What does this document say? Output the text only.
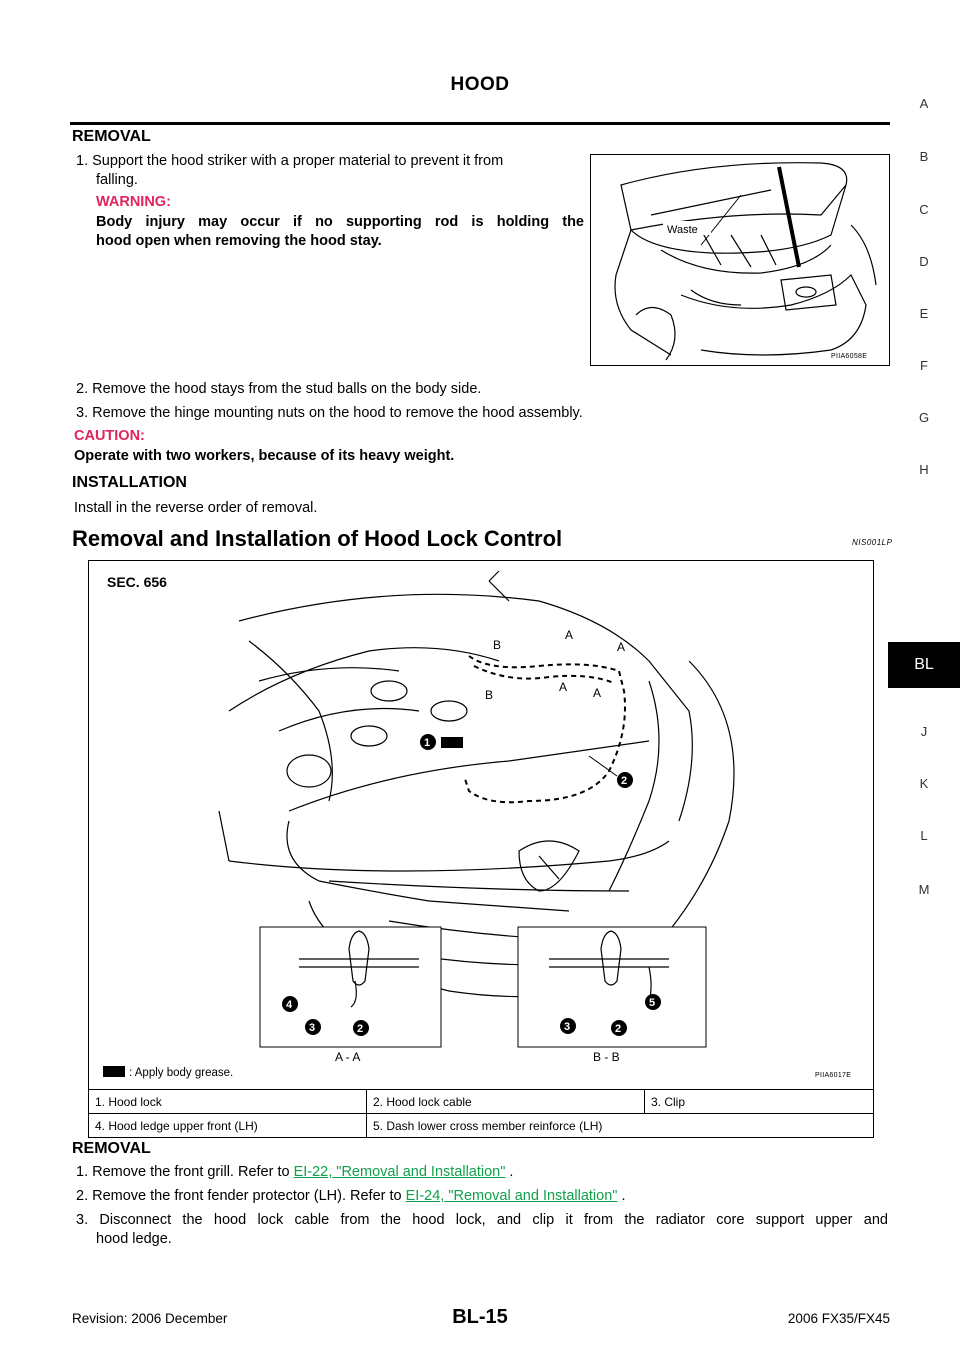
HOOD
A
B
C
D
E
F
G
H
BL
J
K
L
M
REMOVAL
1. Support the hood striker with a proper material to prevent it from
falling.
WARNING:
Body injury may occur if no supporting rod is holding the
hood open when removing the hood stay.
Waste
PIIA6058E
2. Remove the hood stays from the stud balls on the body side.
3. Remove the hinge mounting nuts on the hood to remove the hood assembly.
CAUTION:
Operate with two workers, because of its heavy weight.
INSTALLATION
Install in the reverse order of removal.
Removal and Installation of Hood Lock Control	NIS001LP
SEC. 656
A
A
A A
B
B
1
2
4
3	2
A - A
5
3	2
B - B
: Apply body grease.	PIIA6017E
1. Hood lock	2. Hood lock cable	3. Clip
4. Hood ledge upper front (LH)	5. Dash lower cross member reinforce (LH)	
REMOVAL
1. Remove the front grill. Refer to EI-22, "Removal and Installation" .
2. Remove the front fender protector (LH). Refer to EI-24, "Removal and Installation" .
3. Disconnect the hood lock cable from the hood lock, and clip it from the radiator core support upper and
hood ledge.
Revision: 2006 December	BL-15	2006 FX35/FX45
